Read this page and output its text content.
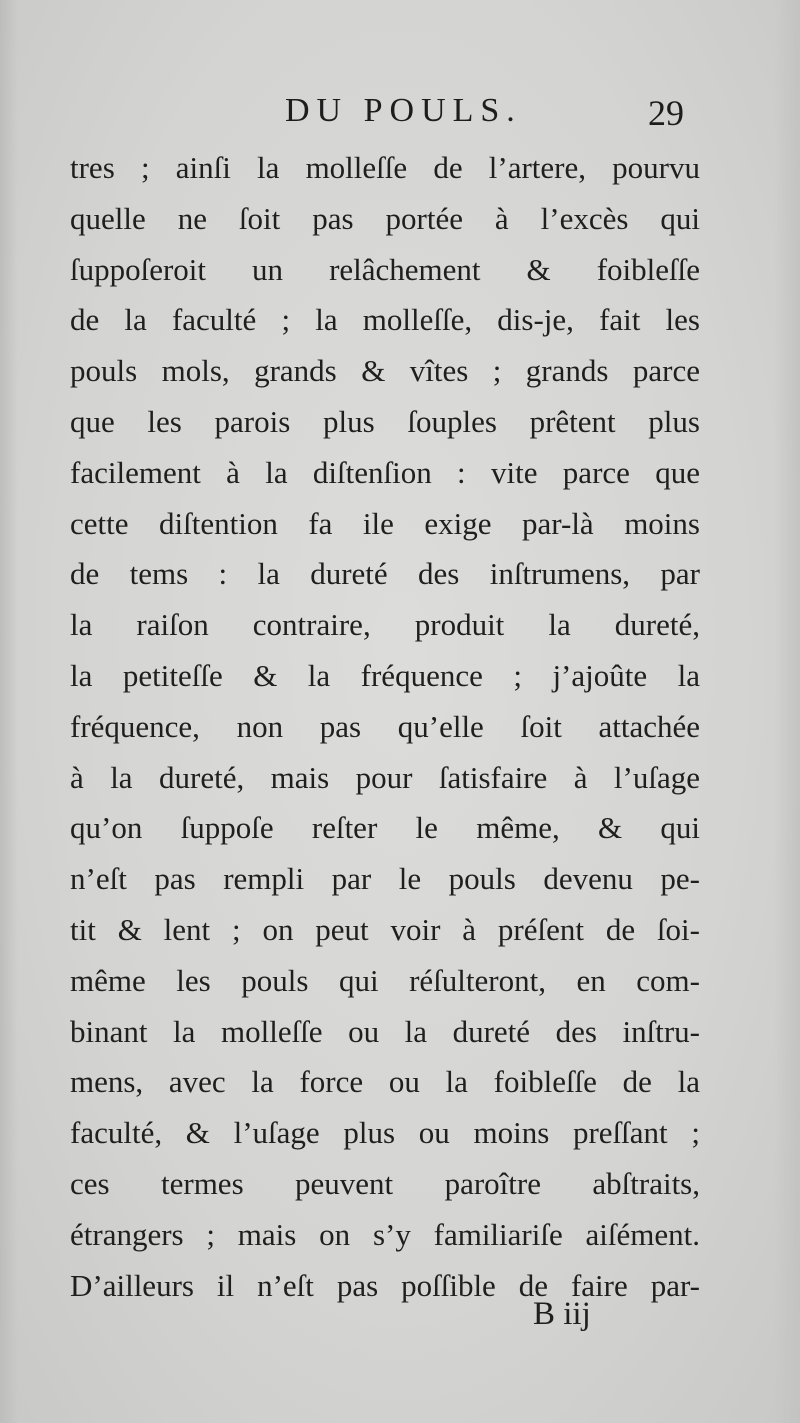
DU POULS.	29
tres ; ainſi la molleſſe de l’artere, pourvu
quelle ne ſoit pas portée à l’excès qui
ſuppoſeroit un relâchement & foibleſſe
de la faculté ; la molleſſe, dis-je, fait les
pouls mols, grands & vîtes ; grands parce
que les parois plus ſouples prêtent plus
facilement à la diſtenſion : vite parce que
cette diſtention fa ile exige par-là moins
de tems : la dureté des inſtrumens, par
la raiſon contraire, produit la dureté,
la petiteſſe & la fréquence ; j’ajoûte la
fréquence, non pas qu’elle ſoit attachée
à la dureté, mais pour ſatisfaire à l’uſage
qu’on ſuppoſe reſter le même, & qui
n’eſt pas rempli par le pouls devenu pe-
tit & lent ; on peut voir à préſent de ſoi-
même les pouls qui réſulteront, en com-
binant la molleſſe ou la dureté des inſtru-
mens, avec la force ou la foibleſſe de la
faculté, & l’uſage plus ou moins preſſant ;
ces termes peuvent paroître abſtraits,
étrangers ; mais on s’y familiariſe aiſément.
D’ailleurs il n’eſt pas poſſible de faire par-
B iij
